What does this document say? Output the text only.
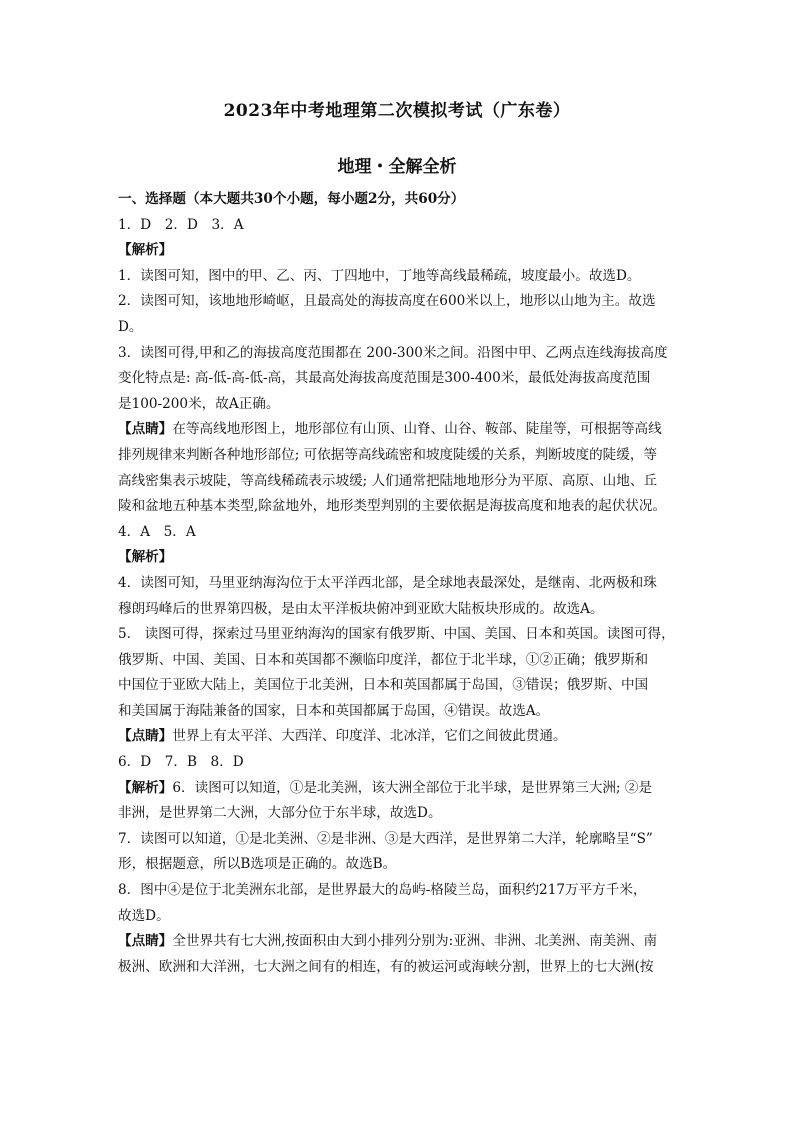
2023年中考地理第二次模拟考试（广东卷）
地理・全解全析

一、选择题（本大题共30个小题，每小题2分，共60分）

1．D　2．D　3．A

【解析】

1．读图可知，图中的甲、乙、丙、丁四地中，丁地等高线最稀疏，坡度最小。故选D。

2．读图可知，该地地形崎岖，且最高处的海拔高度在600米以上，地形以山地为主。故选

D。

3．读图可得,甲和乙的海拔高度范围都在 200-300米之间。沿图中甲、乙两点连线海拔高度

变化特点是: 高-低-高-低-高，其最高处海拔高度范围是300-400米，最低处海拔高度范围

是100-200米，故A正确。

【点睛】在等高线地形图上，地形部位有山顶、山脊、山谷、鞍部、陡崖等，可根据等高线

排列规律来判断各种地形部位; 可依据等高线疏密和坡度陡缓的关系，判断坡度的陡缓，等

高线密集表示坡陡，等高线稀疏表示坡缓; 人们通常把陆地地形分为平原、高原、山地、丘

陵和盆地五种基本类型,除盆地外，地形类型判别的主要依据是海拔高度和地表的起伏状况。

4．A　5．A

【解析】

4．读图可知，马里亚纳海沟位于太平洋西北部，是全球地表最深处，是继南、北两极和珠

穆朗玛峰后的世界第四极，是由太平洋板块俯冲到亚欧大陆板块形成的。故选A。

5． 读图可得，探索过马里亚纳海沟的国家有俄罗斯、中国、美国、日本和英国。读图可得，

俄罗斯、中国、美国、日本和英国都不濒临印度洋，都位于北半球，①②正确；俄罗斯和

中国位于亚欧大陆上，美国位于北美洲，日本和英国都属于岛国，③错误；俄罗斯、中国

和美国属于海陆兼备的国家，日本和英国都属于岛国，④错误。故选A。

【点睛】世界上有太平洋、大西洋、印度洋、北冰洋，它们之间彼此贯通。

6．D　7．B　8．D

【解析】6．读图可以知道，①是北美洲，该大洲全部位于北半球，是世界第三大洲; ②是

非洲，是世界第二大洲，大部分位于东半球，故选D。

7．读图可以知道，①是北美洲、②是非洲、③是大西洋，是世界第二大洋，轮廓略呈“S”

形，根据题意，所以B选项是正确的。故选B。

8．图中④是位于北美洲东北部，是世界最大的岛屿-格陵兰岛，面积约217万平方千米，

故选D。

【点睛】全世界共有七大洲,按面积由大到小排列分别为:亚洲、非洲、北美洲、南美洲、南

极洲、欧洲和大洋洲，七大洲之间有的相连，有的被运河或海峡分割，世界上的七大洲(按
